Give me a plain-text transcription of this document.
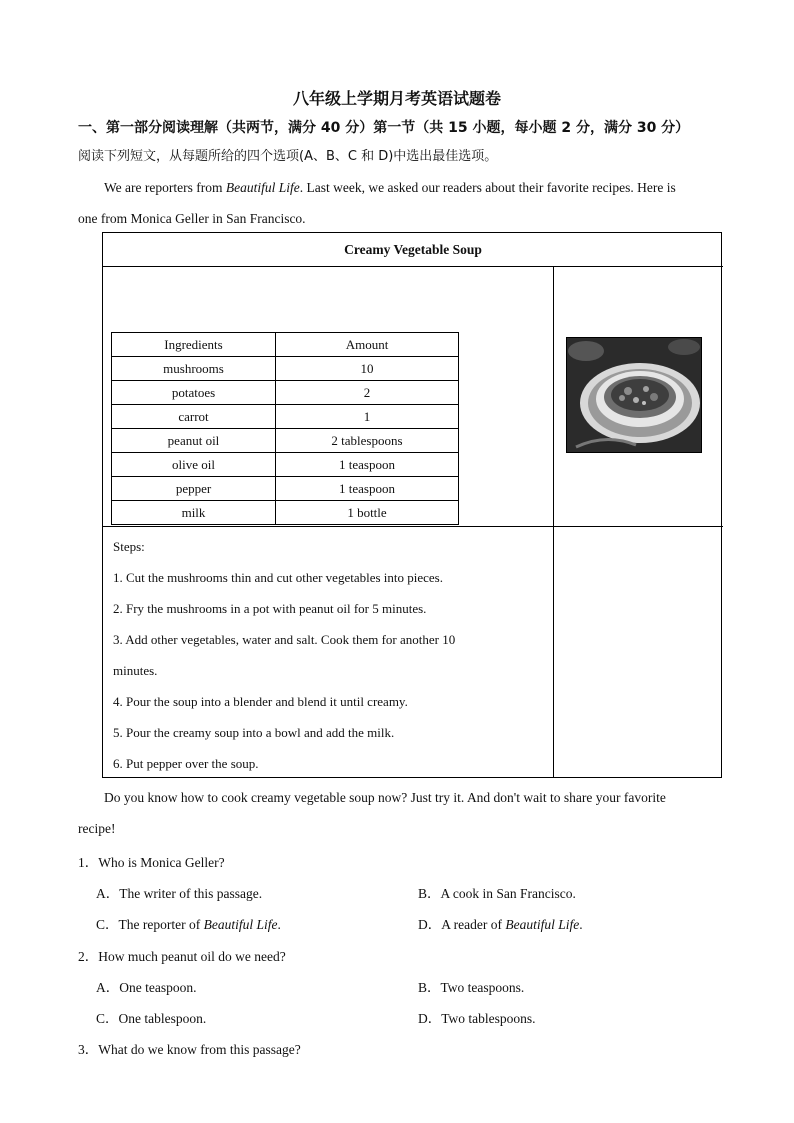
八年级上学期月考英语试题卷
一、第一部分阅读理解（共两节，满分 40 分）第一节（共 15 小题，每小题 2 分，满分 30 分）
阅读下列短文，从每题所给的四个选项(A、B、C 和 D)中选出最佳选项。
We are reporters from Beautiful Life. Last week, we asked our readers about their favorite recipes. Here is
one from Monica Geller in San Francisco.
Creamy Vegetable Soup
Ingredients	Amount
mushrooms	10
potatoes	2
carrot	1
peanut oil	2 tablespoons
olive oil	1 teaspoon
pepper	1 teaspoon
milk	1 bottle
Steps:
1. Cut the mushrooms thin and cut other vegetables into pieces.
2. Fry the mushrooms in a pot with peanut oil for 5 minutes.
3. Add other vegetables, water and salt. Cook them for another 10
minutes.
4. Pour the soup into a blender and blend it until creamy.
5. Pour the creamy soup into a bowl and add the milk.
6. Put pepper over the soup.
Do you know how to cook creamy vegetable soup now? Just try it. And don't wait to share your favorite
recipe!
1．Who is Monica Geller?
A．The writer of this passage.	B．A cook in San Francisco.
C．The reporter of Beautiful Life.	D．A reader of Beautiful Life.
2．How much peanut oil do we need?
A．One teaspoon.	B．Two teaspoons.
C．One tablespoon.	D．Two tablespoons.
3．What do we know from this passage?
